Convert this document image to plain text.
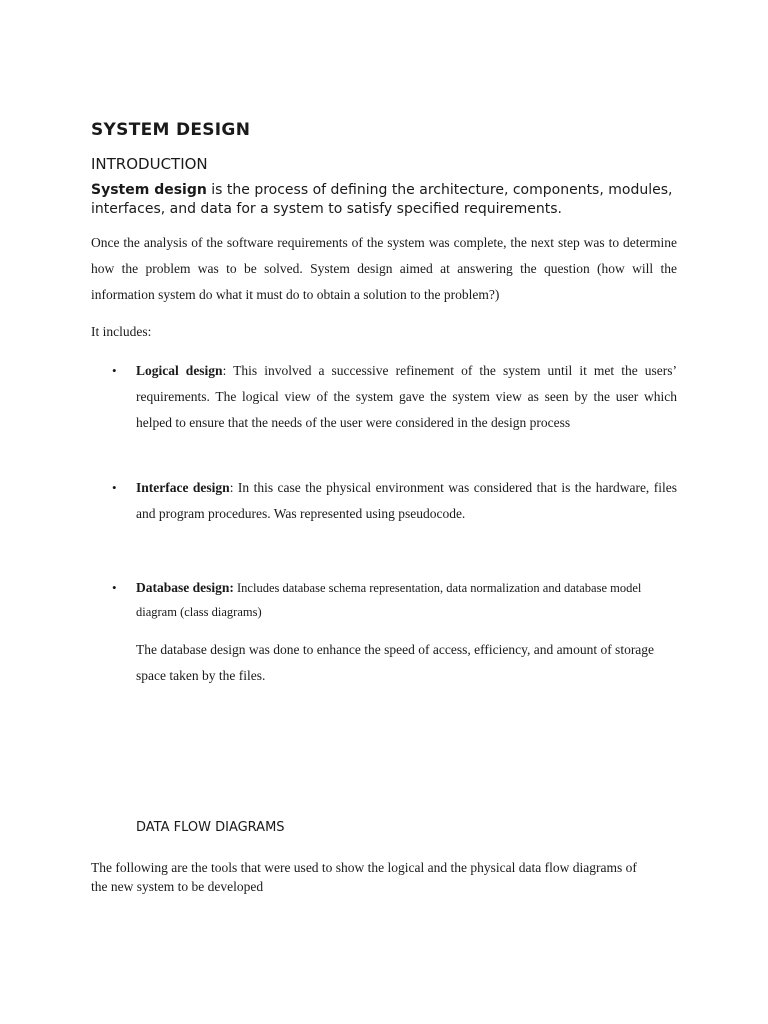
SYSTEM DESIGN
INTRODUCTION

System design is the process of defining the architecture, components, modules, interfaces, and data for a system to satisfy specified requirements.

Once the analysis of the software requirements of the system was complete, the next step was to determine how the problem was to be solved. System design aimed at answering the question (how will the information system do what it must do to obtain a solution to the problem?)

It includes:

• Logical design: This involved a successive refinement of the system until it met the users’ requirements. The logical view of the system gave the system view as seen by the user which helped to ensure that the needs of the user were considered in the design process

• Interface design: In this case the physical environment was considered that is the hardware, files and program procedures. Was represented using pseudocode.

• Database design: Includes database schema representation, data normalization and database model diagram (class diagrams)

The database design was done to enhance the speed of access, efficiency, and amount of storage space taken by the files.

DATA FLOW DIAGRAMS

The following are the tools that were used to show the logical and the physical data flow diagrams of the new system to be developed
